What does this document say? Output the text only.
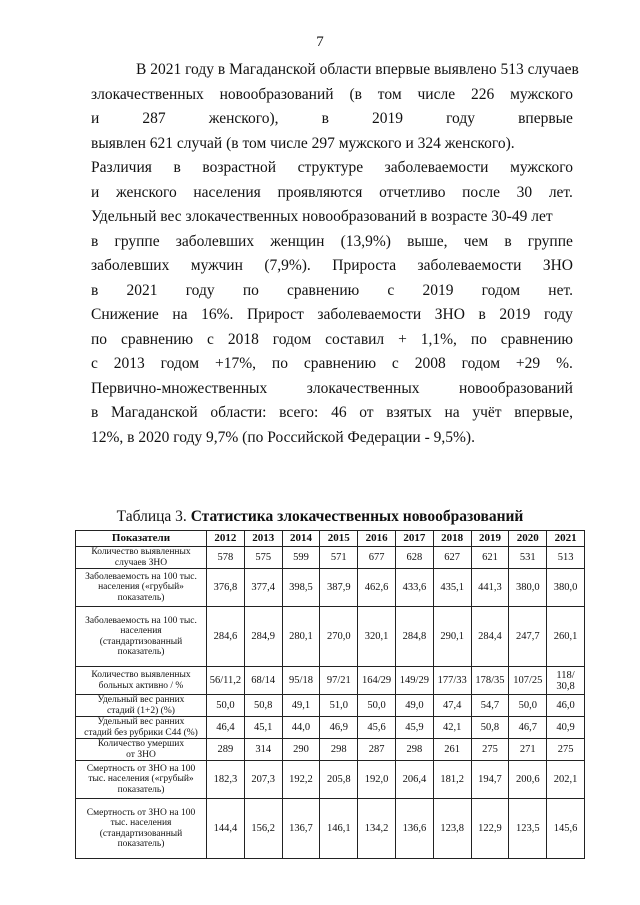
7
В 2021 году в Магаданской области впервые выявлено 513 случаев
злокачественных новообразований (в том числе 226 мужского
и	287	женского),	в	2019	году	впервые
выявлен 621 случай (в том числе 297 мужского и 324 женского).
Различия в возрастной структуре заболеваемости мужского
и женского населения проявляются отчетливо после 30 лет.
Удельный вес злокачественных новообразований в возрасте 30-49 лет
в группе заболевших женщин (13,9%) выше, чем в группе
заболевших мужчин (7,9%). Прироста заболеваемости ЗНО
в 2021 году по сравнению с 2019 годом нет.
Снижение на 16%. Прирост заболеваемости ЗНО в 2019 году
по сравнению с 2018 годом составил + 1,1%, по сравнению
с 2013 годом +17%, по сравнению с 2008 годом +29 %.
Первично-множественных	злокачественных	новообразований
в Магаданской области: всего: 46 от взятых на учёт впервые,
12%, в 2020 году 9,7% (по Российской Федерации - 9,5%).
Таблица 3. Статистика злокачественных новообразований
Показатели	2012	2013	2014	2015	2016	2017	2018	2019	2020	2021
Количество выявленных
случаев ЗНО	578	575	599	571	677	628	627	621	531	513
Заболеваемость на 100 тыс.
населения («грубый»
показатель)	376,8	377,4	398,5	387,9	462,6	433,6	435,1	441,3	380,0	380,0
Заболеваемость на 100 тыс.
населения
(стандартизованный
показатель)	284,6	284,9	280,1	270,0	320,1	284,8	290,1	284,4	247,7	260,1
Количество выявленных
больных активно / %	56/11,2	68/14	95/18	97/21	164/29	149/29	177/33	178/35	107/25	118/
30,8
Удельный вес ранних
стадий (1+2) (%)	50,0	50,8	49,1	51,0	50,0	49,0	47,4	54,7	50,0	46,0
Удельный вес ранних
стадий без рубрики С44 (%)	46,4	45,1	44,0	46,9	45,6	45,9	42,1	50,8	46,7	40,9
Количество умерших
от ЗНО	289	314	290	298	287	298	261	275	271	275
Смертность от ЗНО на 100
тыс. населения («грубый»
показатель)	182,3	207,3	192,2	205,8	192,0	206,4	181,2	194,7	200,6	202,1
Смертность от ЗНО на 100
тыс. населения
(стандартизованный
показатель)	144,4	156,2	136,7	146,1	134,2	136,6	123,8	122,9	123,5	145,6
